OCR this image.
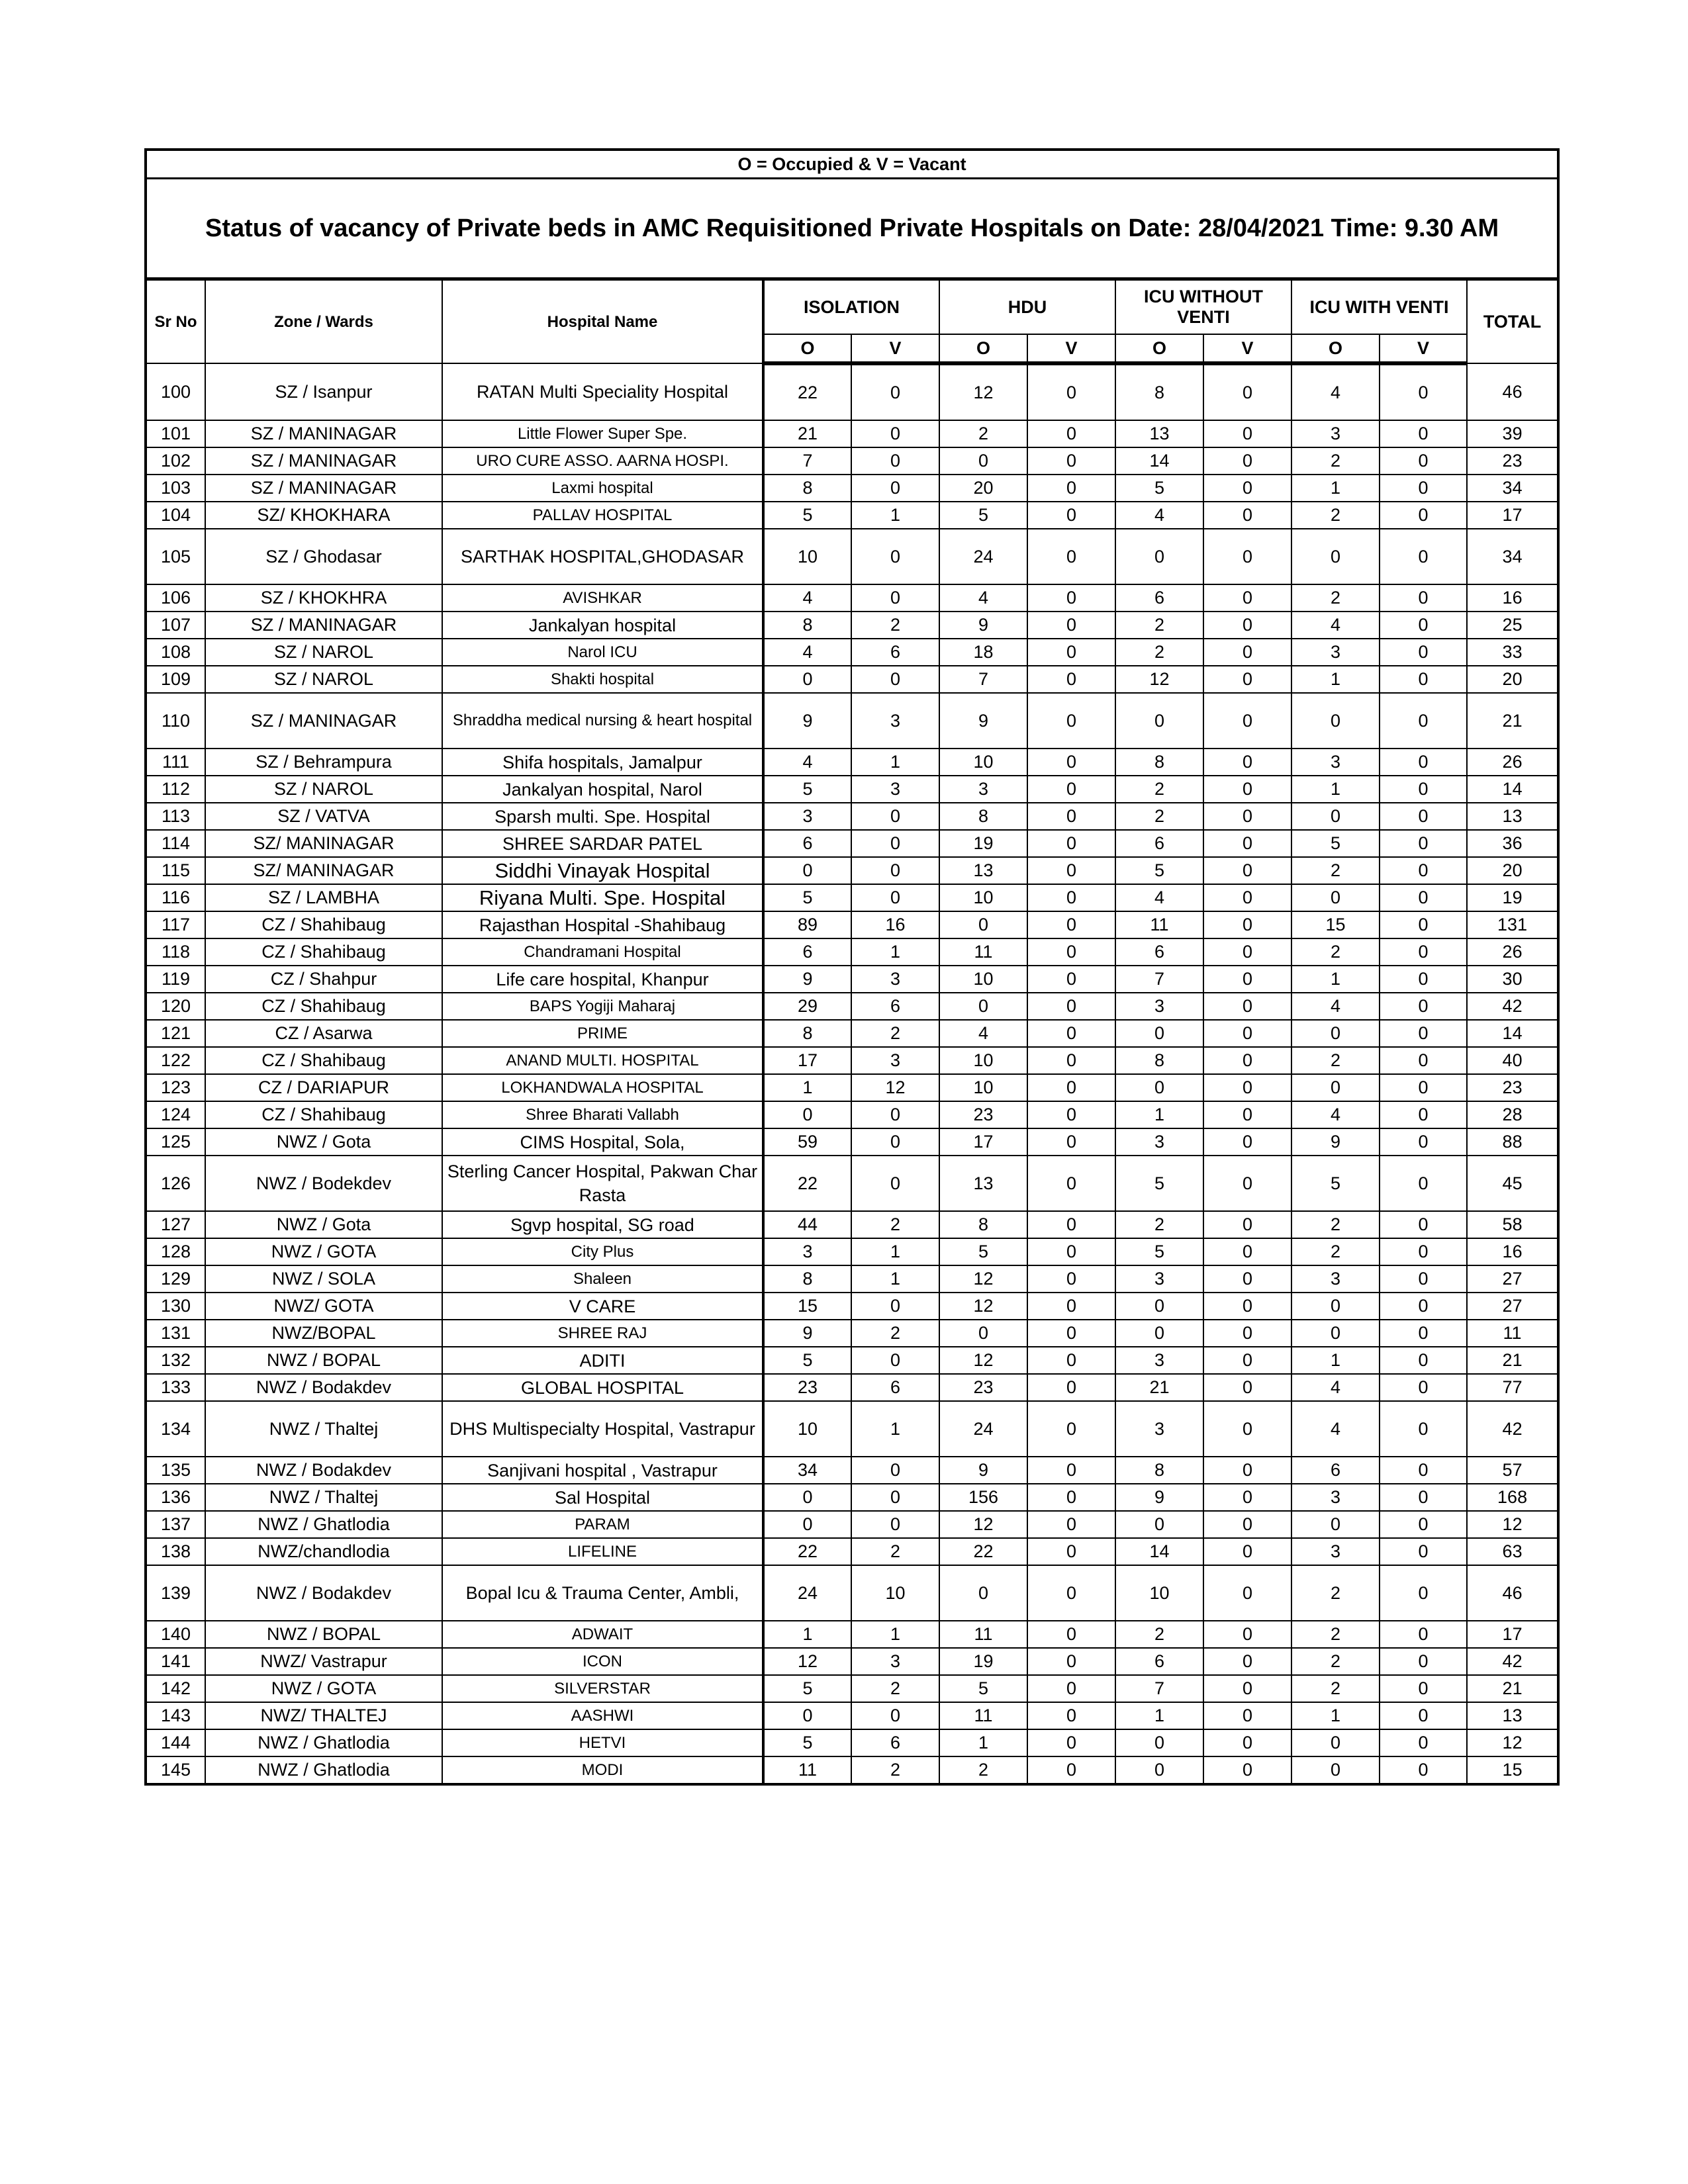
O = Occupied & V = Vacant											
Status of vacancy of Private beds in AMC Requisitioned Private Hospitals on Date: 28/04/2021 Time: 9.30 AM											
Sr No	Zone / Wards	Hospital Name	ISOLATION		HDU		ICU WITHOUT VENTI		ICU WITH VENTI		TOTAL
			O	V	O	V	O	V	O	V	
100	SZ / Isanpur	RATAN Multi Speciality Hospital	22	0	12	0	8	0	4	0	46
101	SZ / MANINAGAR	Little Flower Super Spe.	21	0	2	0	13	0	3	0	39
102	SZ / MANINAGAR	URO CURE ASSO. AARNA HOSPI.	7	0	0	0	14	0	2	0	23
103	SZ / MANINAGAR	Laxmi hospital	8	0	20	0	5	0	1	0	34
104	SZ/ KHOKHARA	PALLAV HOSPITAL	5	1	5	0	4	0	2	0	17
105	SZ / Ghodasar	SARTHAK HOSPITAL,GHODASAR	10	0	24	0	0	0	0	0	34
106	SZ / KHOKHRA	AVISHKAR	4	0	4	0	6	0	2	0	16
107	SZ / MANINAGAR	Jankalyan hospital	8	2	9	0	2	0	4	0	25
108	SZ / NAROL	Narol ICU	4	6	18	0	2	0	3	0	33
109	SZ / NAROL	Shakti hospital	0	0	7	0	12	0	1	0	20
110	SZ / MANINAGAR	Shraddha medical nursing & heart hospital	9	3	9	0	0	0	0	0	21
111	SZ / Behrampura	Shifa hospitals, Jamalpur	4	1	10	0	8	0	3	0	26
112	SZ / NAROL	Jankalyan hospital, Narol	5	3	3	0	2	0	1	0	14
113	SZ / VATVA	Sparsh multi. Spe. Hospital	3	0	8	0	2	0	0	0	13
114	SZ/ MANINAGAR	SHREE SARDAR PATEL	6	0	19	0	6	0	5	0	36
115	SZ/ MANINAGAR	Siddhi Vinayak Hospital	0	0	13	0	5	0	2	0	20
116	SZ / LAMBHA	Riyana Multi. Spe. Hospital	5	0	10	0	4	0	0	0	19
117	CZ / Shahibaug	Rajasthan Hospital -Shahibaug	89	16	0	0	11	0	15	0	131
118	CZ / Shahibaug	Chandramani Hospital	6	1	11	0	6	0	2	0	26
119	CZ / Shahpur	Life care hospital, Khanpur	9	3	10	0	7	0	1	0	30
120	CZ / Shahibaug	BAPS Yogiji Maharaj	29	6	0	0	3	0	4	0	42
121	CZ / Asarwa	PRIME	8	2	4	0	0	0	0	0	14
122	CZ / Shahibaug	ANAND MULTI. HOSPITAL	17	3	10	0	8	0	2	0	40
123	CZ / DARIAPUR	LOKHANDWALA HOSPITAL	1	12	10	0	0	0	0	0	23
124	CZ / Shahibaug	Shree Bharati Vallabh	0	0	23	0	1	0	4	0	28
125	NWZ / Gota	CIMS Hospital, Sola,	59	0	17	0	3	0	9	0	88
126	NWZ / Bodekdev	Sterling Cancer Hospital, Pakwan Char Rasta	22	0	13	0	5	0	5	0	45
127	NWZ / Gota	Sgvp hospital, SG road	44	2	8	0	2	0	2	0	58
128	NWZ / GOTA	City Plus	3	1	5	0	5	0	2	0	16
129	NWZ / SOLA	Shaleen	8	1	12	0	3	0	3	0	27
130	NWZ/ GOTA	V CARE	15	0	12	0	0	0	0	0	27
131	NWZ/BOPAL	SHREE RAJ	9	2	0	0	0	0	0	0	11
132	NWZ / BOPAL	ADITI	5	0	12	0	3	0	1	0	21
133	NWZ / Bodakdev	GLOBAL HOSPITAL	23	6	23	0	21	0	4	0	77
134	NWZ / Thaltej	DHS Multispecialty Hospital, Vastrapur	10	1	24	0	3	0	4	0	42
135	NWZ / Bodakdev	Sanjivani hospital , Vastrapur	34	0	9	0	8	0	6	0	57
136	NWZ / Thaltej	Sal Hospital	0	0	156	0	9	0	3	0	168
137	NWZ / Ghatlodia	PARAM	0	0	12	0	0	0	0	0	12
138	NWZ/chandlodia	LIFELINE	22	2	22	0	14	0	3	0	63
139	NWZ / Bodakdev	Bopal Icu & Trauma Center, Ambli,	24	10	0	0	10	0	2	0	46
140	NWZ / BOPAL	ADWAIT	1	1	11	0	2	0	2	0	17
141	NWZ/ Vastrapur	ICON	12	3	19	0	6	0	2	0	42
142	NWZ / GOTA	SILVERSTAR	5	2	5	0	7	0	2	0	21
143	NWZ/ THALTEJ	AASHWI	0	0	11	0	1	0	1	0	13
144	NWZ / Ghatlodia	HETVI	5	6	1	0	0	0	0	0	12
145	NWZ / Ghatlodia	MODI	11	2	2	0	0	0	0	0	15
